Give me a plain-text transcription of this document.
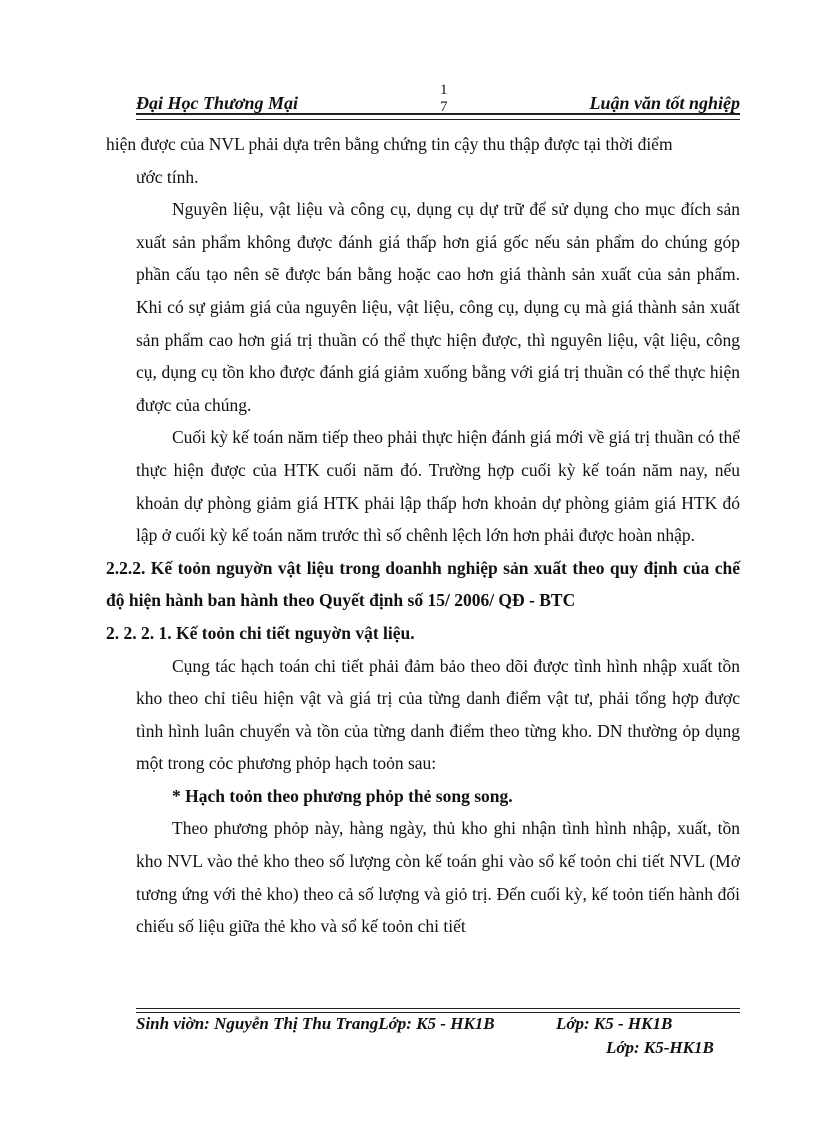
Đại Học Thương Mại
1
7	Luận văn tốt nghiệp

hiện được của NVL phải dựa trên bằng chứng tin cậy thu thập được tại thời điểm

ước tính.

Nguyên liệu, vật liệu và công cụ, dụng cụ dự trữ để sử dụng cho mục đích sản xuất sản phẩm không được đánh giá thấp hơn giá gốc nếu sản phẩm do chúng góp phần cấu tạo nên sẽ được bán bằng hoặc cao hơn giá thành sản xuất của sản phẩm. Khi có sự giảm giá của nguyên liệu, vật liệu, công cụ, dụng cụ mà giá thành sản xuất sản phẩm cao hơn giá trị thuần có thể thực hiện được, thì nguyên liệu, vật liệu, công cụ, dụng cụ tồn kho được đánh giá giảm xuống bằng với giá trị thuần có thể thực hiện được của chúng.

Cuối kỳ kế toán năm tiếp theo phải thực hiện đánh giá mới về giá trị thuần có thể thực hiện được của HTK cuối năm đó. Trường hợp cuối kỳ kế toán năm nay, nếu khoản dự phòng giảm giá HTK phải lập thấp hơn khoản dự phòng giảm giá HTK đó lập ở cuối kỳ kế toán năm trước thì số chênh lệch lớn hơn phải được hoàn nhập.

2.2.2. Kế toỏn nguyờn vật liệu trong doanhh nghiệp sản xuất theo quy định của chế độ hiện hành ban hành theo Quyết định số 15/ 2006/ QĐ - BTC

2. 2. 2. 1. Kế toỏn chi tiết nguyờn vật liệu.

Cụng tác hạch toán chi tiết phải đảm bảo theo dõi được tình hình nhập xuất tồn kho theo chỉ tiêu hiện vật và giá trị của từng danh điểm vật tư, phải tổng hợp được tình hình luân chuyển và tồn của từng danh điểm theo từng kho. DN thường ỏp dụng một trong cỏc phương phỏp hạch toỏn sau:

* Hạch toỏn theo phương phỏp thẻ song song.

Theo phương phỏp này, hàng ngày, thủ kho ghi nhận tình hình nhập, xuất, tồn kho NVL vào thẻ kho theo số lượng còn kế toán ghi vào sổ kế toỏn chi tiết NVL (Mở tương ứng với thẻ kho) theo cả số lượng và giỏ trị. Đến cuối kỳ, kế toỏn tiến hành đối chiếu số liệu giữa thẻ kho và sổ kế toỏn chi tiết

Sinh viờn: Nguyễn Thị Thu TrangLớp: K5 - HK1B	Lớp: K5 - HK1B
Lớp: K5-HK1B
